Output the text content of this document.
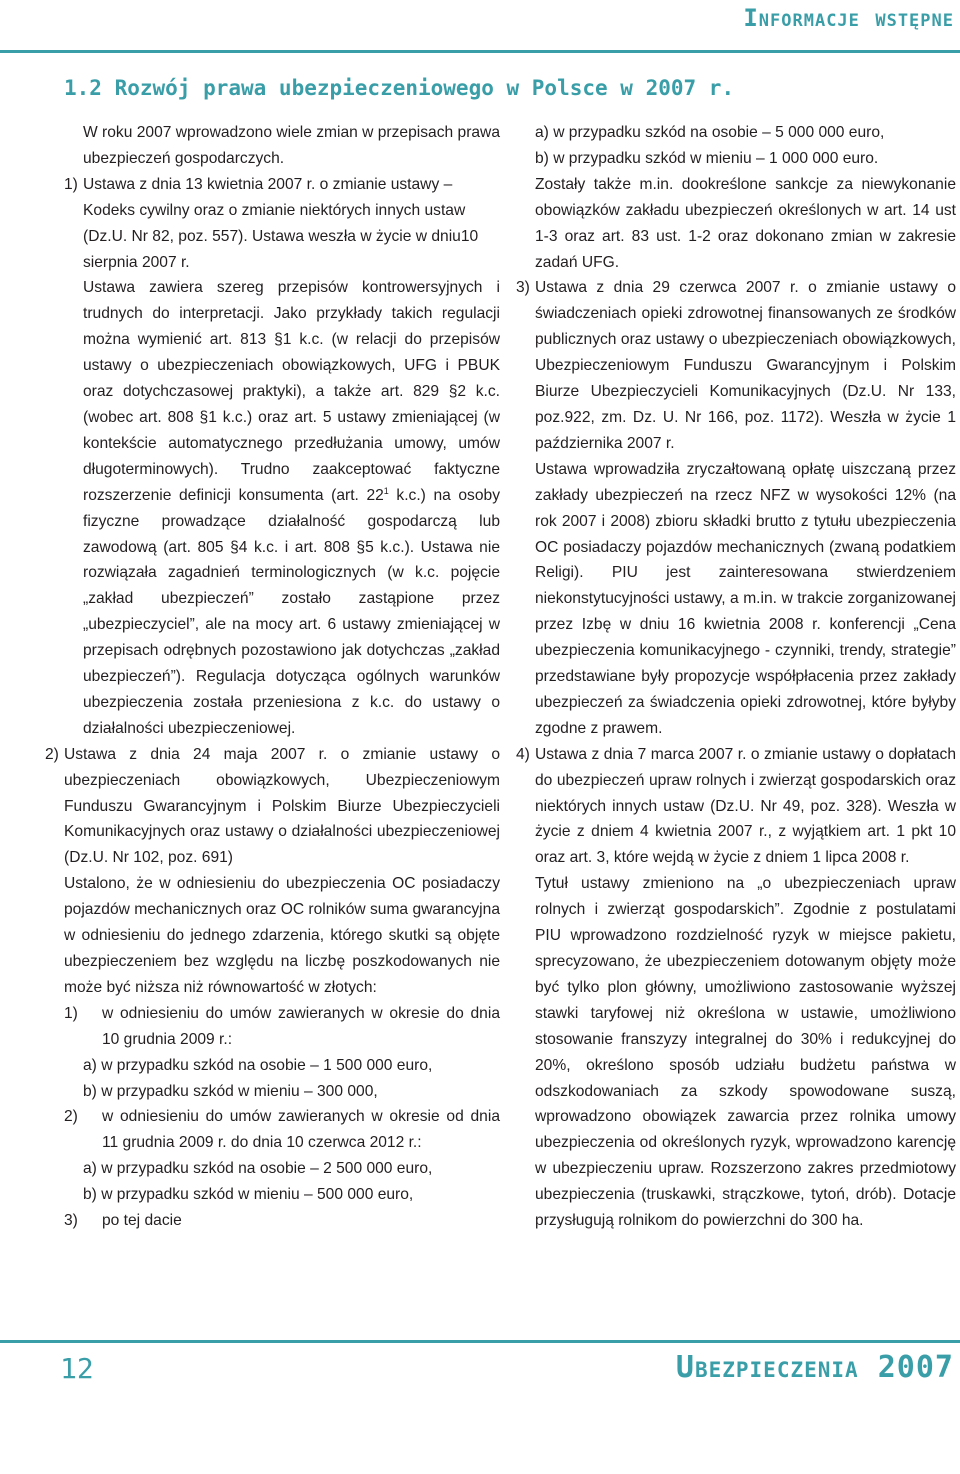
Informacje wstępne
1.2 Rozwój prawa ubezpieczeniowego w Polsce w 2007 r.

W roku 2007 wprowadzono wiele zmian w przepisach prawa ubezpieczeń gospodarczych.

1) Ustawa z dnia 13 kwietnia 2007 r. o zmianie ustawy – Kodeks cywilny oraz o zmianie niektórych innych ustaw (Dz.U. Nr 82, poz. 557). Ustawa weszła w życie w dniu10 sierpnia 2007 r.

Ustawa zawiera szereg przepisów kontrowersyjnych i trudnych do interpretacji. Jako przykłady takich regulacji można wymienić art. 813 §1 k.c. (w relacji do przepisów ustawy o ubezpieczeniach obowiązkowych, UFG i PBUK oraz dotychczasowej praktyki), a także art. 829 §2 k.c. (wobec art. 808 §1 k.c.) oraz art. 5 ustawy zmieniającej (w kontekście automatycznego przedłużania umowy, umów długoterminowych). Trudno zaakceptować faktyczne rozszerzenie definicji konsumenta (art. $22^1$ k.c.) na osoby fizyczne prowadzące działalność gospodarczą lub zawodową (art. 805 §4 k.c. i art. 808 §5 k.c.). Ustawa nie rozwiązała zagadnień terminologicznych (w k.c. pojęcie „zakład ubezpieczeń” zostało zastąpione przez „ubezpieczyciel”, ale na mocy art. 6 ustawy zmieniającej w przepisach odrębnych pozostawiono jak dotychczas „zakład ubezpieczeń”). Regulacja dotycząca ogólnych warunków ubezpieczenia została przeniesiona z k.c. do ustawy o działalności ubezpieczeniowej.

2) Ustawa z dnia 24 maja 2007 r. o zmianie ustawy o ubezpieczeniach obowiązkowych, Ubezpieczeniowym Funduszu Gwarancyjnym i Polskim Biurze Ubezpieczycieli Komunikacyjnych oraz ustawy o działalności ubezpieczeniowej (Dz.U. Nr 102, poz. 691)

Ustalono, że w odniesieniu do ubezpieczenia OC posiadaczy pojazdów mechanicznych oraz OC rolników suma gwarancyjna w odniesieniu do jednego zdarzenia, którego skutki są objęte ubezpieczeniem bez względu na liczbę poszkodowanych nie może być niższa niż równowartość w złotych:

1)	w odniesieniu do umów zawieranych w okresie do dnia 10 grudnia 2009 r.:

a) w przypadku szkód na osobie – 1 500 000 euro,

b) w przypadku szkód w mieniu – 300 000,

2)	w odniesieniu do umów zawieranych w okresie od dnia 11 grudnia 2009 r. do dnia 10 czerwca 2012 r.:

a) w przypadku szkód na osobie – 2 500 000 euro,

b) w przypadku szkód w mieniu – 500 000 euro,

3)	po tej dacie

a) w przypadku szkód na osobie – 5 000 000 euro,

b) w przypadku szkód w mieniu – 1 000 000 euro.

Zostały także m.in. dookreślone sankcje za niewykonanie obowiązków zakładu ubezpieczeń określonych w art. 14 ust 1-3 oraz art. 83 ust. 1-2 oraz dokonano zmian w zakresie zadań UFG.

3) Ustawa z dnia 29 czerwca 2007 r. o zmianie ustawy o świadczeniach opieki zdrowotnej finansowanych ze środków publicznych oraz ustawy o ubezpieczeniach obowiązkowych, Ubezpieczeniowym Funduszu Gwarancyjnym i Polskim Biurze Ubezpieczycieli Komunikacyjnych (Dz.U. Nr 133, poz.922, zm. Dz. U. Nr 166, poz. 1172). Weszła w życie 1 października 2007 r.

Ustawa wprowadziła zryczałtowaną opłatę uiszczaną przez zakłady ubezpieczeń na rzecz NFZ w wysokości 12% (na rok 2007 i 2008) zbioru składki brutto z tytułu ubezpieczenia OC posiadaczy pojazdów mechanicznych (zwaną podatkiem Religi). PIU jest zainteresowana stwierdzeniem niekonstytucyjności ustawy, a m.in. w trakcie zorganizowanej przez Izbę w dniu 16 kwietnia 2008 r. konferencji „Cena ubezpieczenia komunikacyjnego - czynniki, trendy, strategie” przedstawiane były propozycje współpłacenia przez zakłady ubezpieczeń za świadczenia opieki zdrowotnej, które byłyby zgodne z prawem.

4) Ustawa z dnia 7 marca 2007 r. o zmianie ustawy o dopłatach do ubezpieczeń upraw rolnych i zwierząt gospodarskich oraz niektórych innych ustaw (Dz.U. Nr 49, poz. 328). Weszła w życie z dniem 4 kwietnia 2007 r., z wyjątkiem art. 1 pkt 10 oraz art. 3, które wejdą w życie z dniem 1 lipca 2008 r.

Tytuł ustawy zmieniono na „o ubezpieczeniach upraw rolnych i zwierząt gospodarskich”. Zgodnie z postulatami PIU wprowadzono rozdzielność ryzyk w miejsce pakietu, sprecyzowano, że ubezpieczeniem dotowanym objęty może być tylko plon główny, umożliwiono zastosowanie wyższej stawki taryfowej niż określona w ustawie, umożliwiono stosowanie franszyzy integralnej do 30% i redukcyjnej do 20%, określono sposób udziału budżetu państwa w odszkodowaniach za szkody spowodowane suszą, wprowadzono obowiązek zawarcia przez rolnika umowy ubezpieczenia od określonych ryzyk, wprowadzono karencję w ubezpieczeniu upraw. Rozszerzono zakres przedmiotowy ubezpieczenia (truskawki, strączkowe, tytoń, drób). Dotacje przysługują rolnikom do powierzchni do 300 ha.

12	Ubezpieczenia 2007
